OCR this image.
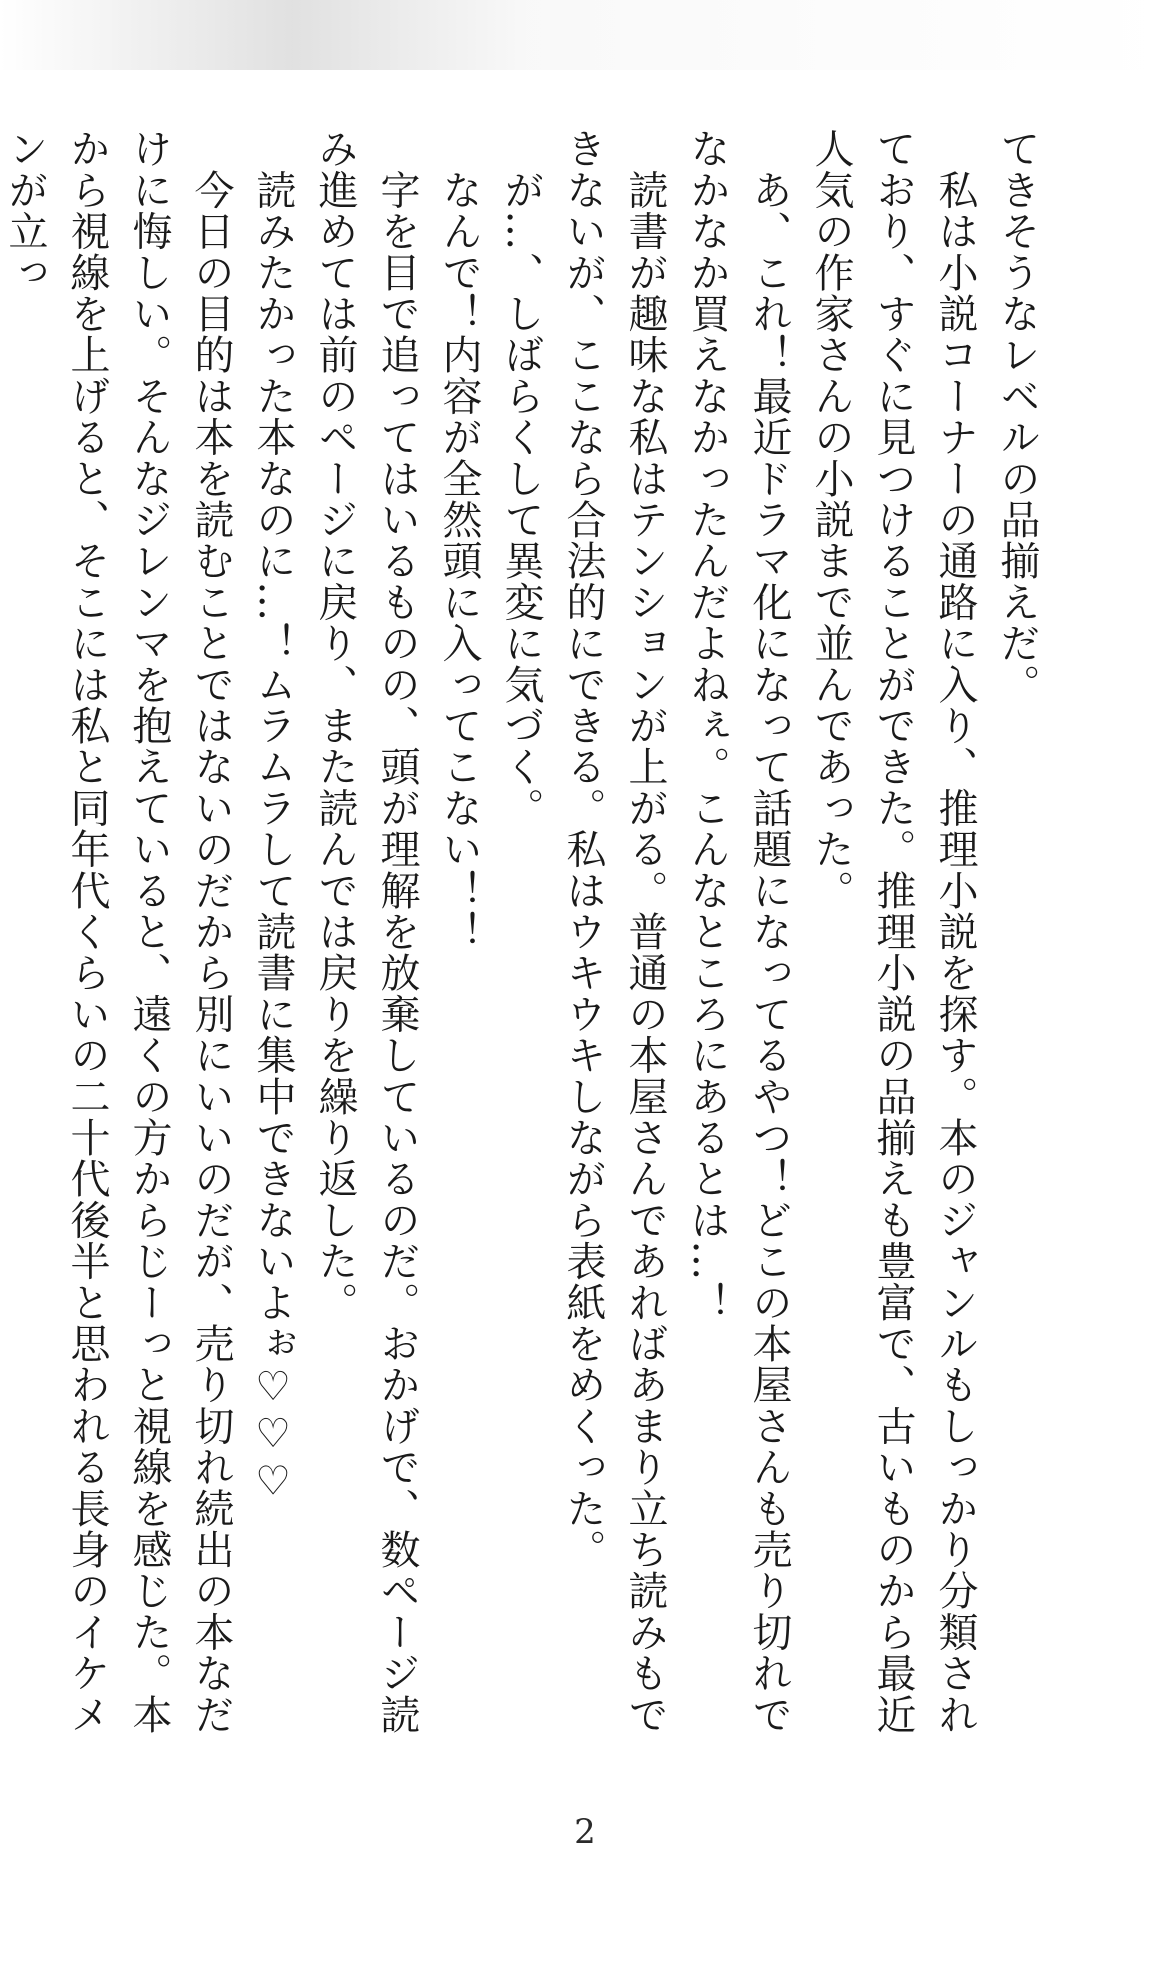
てきそうなレベルの品揃えだ。

　私は小説コーナーの通路に入り、推理小説を探す。本のジャンルもしっかり分類されており、すぐに見つけることができた。推理小説の品揃えも豊富で、古いものから最近人気の作家さんの小説まで並んであった。

　あ、これ！最近ドラマ化になって話題になってるやつ！どこの本屋さんも売り切れでなかなか買えなかったんだよねぇ。こんなところにあるとは…！

　読書が趣味な私はテンションが上がる。普通の本屋さんであればあまり立ち読みもできないが、ここなら合法的にできる。私はウキウキしながら表紙をめくった。

　が…、しばらくして異変に気づく。

　なんで！内容が全然頭に入ってこない！！

　字を目で追ってはいるものの、頭が理解を放棄しているのだ。おかげで、数ページ読み進めては前のページに戻り、また読んでは戻りを繰り返した。

　読みたかった本なのに…！ムラムラして読書に集中できないよぉ♡♡♡

　今日の目的は本を読むことではないのだから別にいいのだが、売り切れ続出の本なだけに悔しい。そんなジレンマを抱えていると、遠くの方からじーっと視線を感じた。本から視線を上げると、そこには私と同年代くらいの二十代後半と思われる長身のイケメンが立っ

2
